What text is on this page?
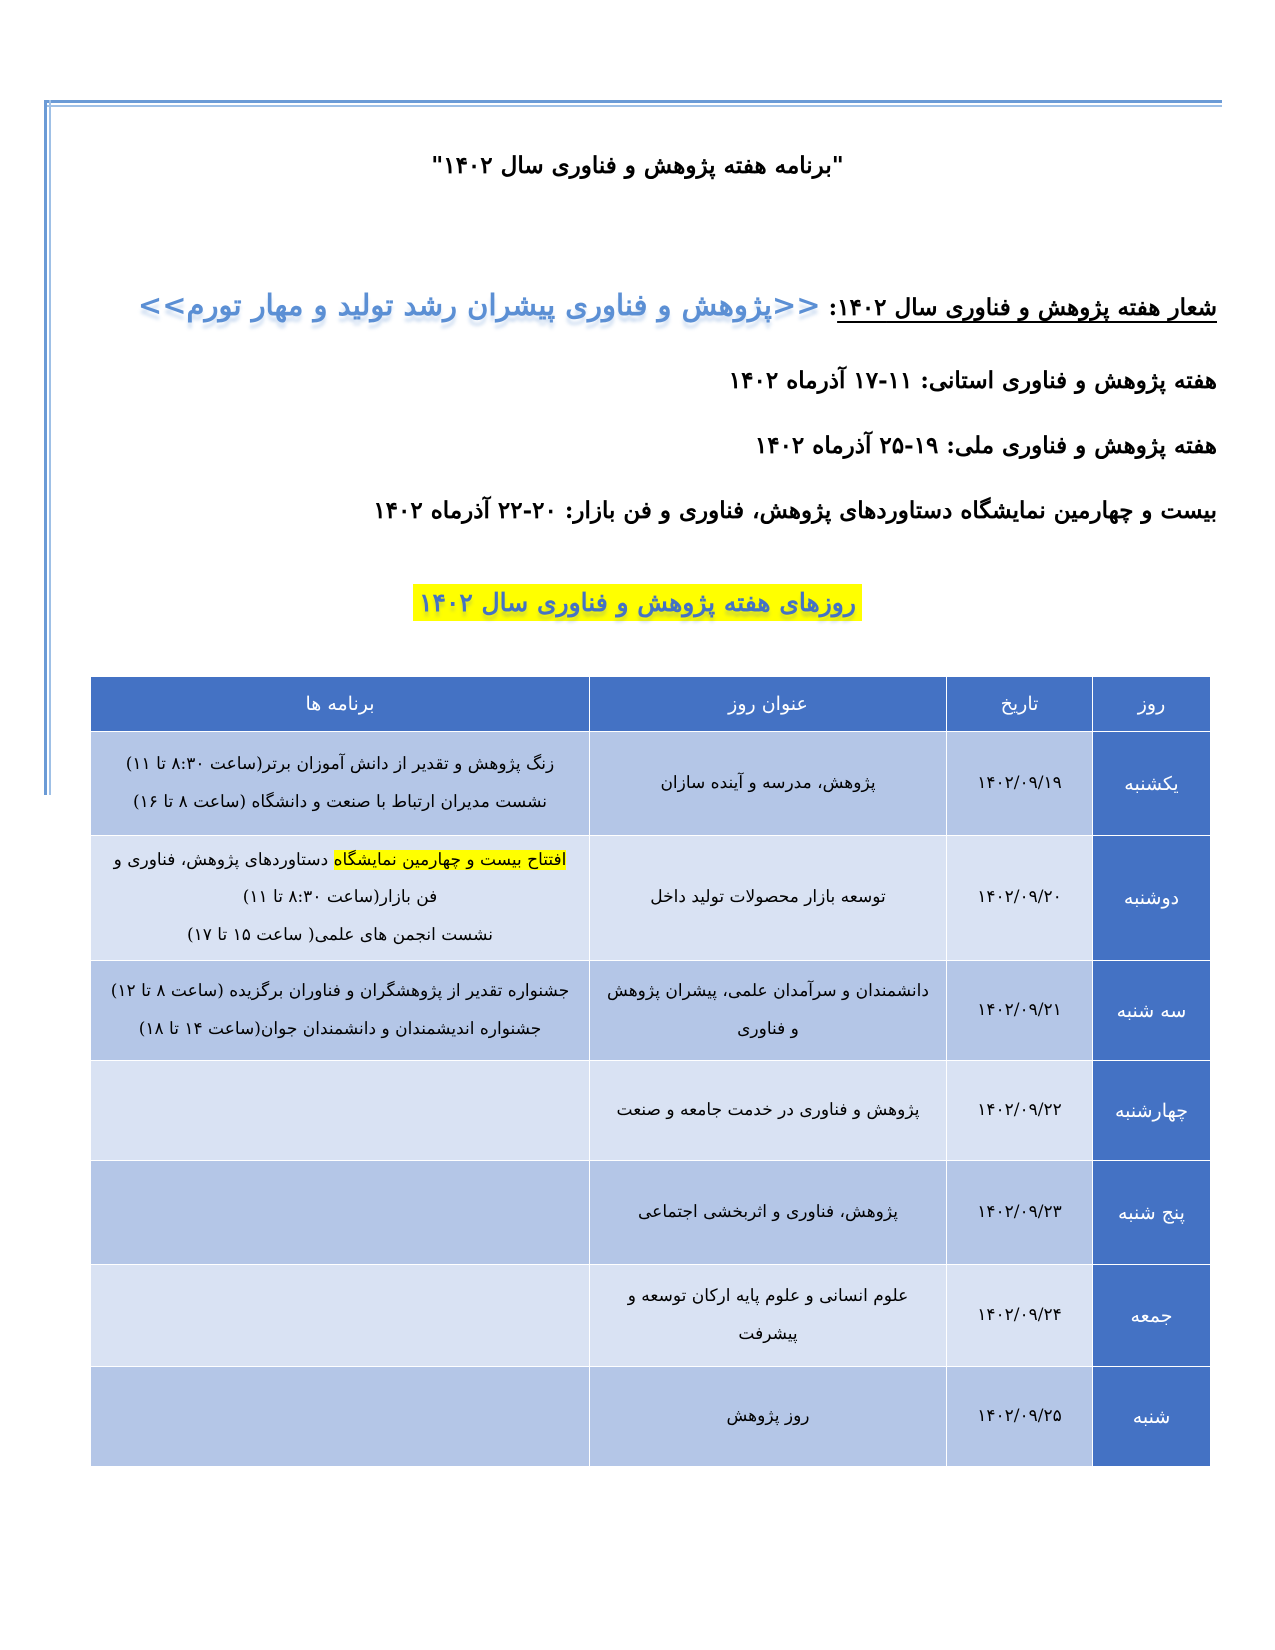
"برنامه هفته پژوهش و فناوری سال ۱۴۰۲"
شعار هفته پژوهش و فناوری سال ۱۴۰۲: <<پژوهش و فناوری پیشران رشد تولید و مهار تورم>>
هفته پژوهش و فناوری استانی: ۱۱-۱۷ آذرماه ۱۴۰۲
هفته پژوهش و فناوری ملی: ۱۹-۲۵ آذرماه ۱۴۰۲
بیست و چهارمین نمایشگاه دستاوردهای پژوهش، فناوری و فن بازار: ۲۰-۲۲ آذرماه ۱۴۰۲
روزهای هفته پژوهش و فناوری سال ۱۴۰۲
روز	تاریخ	عنوان روز	برنامه ها
یکشنبه	۱۴۰۲/۰۹/۱۹	پژوهش، مدرسه و آینده سازان	زنگ پژوهش و تقدیر از دانش آموزان برتر(ساعت ۸:۳۰ تا ۱۱)
نشست مدیران ارتباط با صنعت و دانشگاه (ساعت ۸ تا ۱۶)

دوشنبه	۱۴۰۲/۰۹/۲۰	توسعه بازار محصولات تولید داخل	افتتاح بیست و چهارمین نمایشگاه دستاوردهای پژوهش، فناوری و
فن بازار(ساعت ۸:۳۰ تا ۱۱)
نشست انجمن های علمی( ساعت ۱۵ تا ۱۷)

سه شنبه	۱۴۰۲/۰۹/۲۱	دانشمندان و سرآمدان علمی، پیشران پژوهش و فناوری	جشنواره تقدیر از پژوهشگران و فناوران برگزیده (ساعت ۸ تا ۱۲)
جشنواره اندیشمندان و دانشمندان جوان(ساعت ۱۴ تا ۱۸)

چهارشنبه	۱۴۰۲/۰۹/۲۲	پژوهش و فناوری در خدمت جامعه و صنعت	
پنج شنبه	۱۴۰۲/۰۹/۲۳	پژوهش، فناوری و اثربخشی اجتماعی	
جمعه	۱۴۰۲/۰۹/۲۴	علوم انسانی و علوم پایه ارکان توسعه و پیشرفت	
شنبه	۱۴۰۲/۰۹/۲۵	روز پژوهش	
